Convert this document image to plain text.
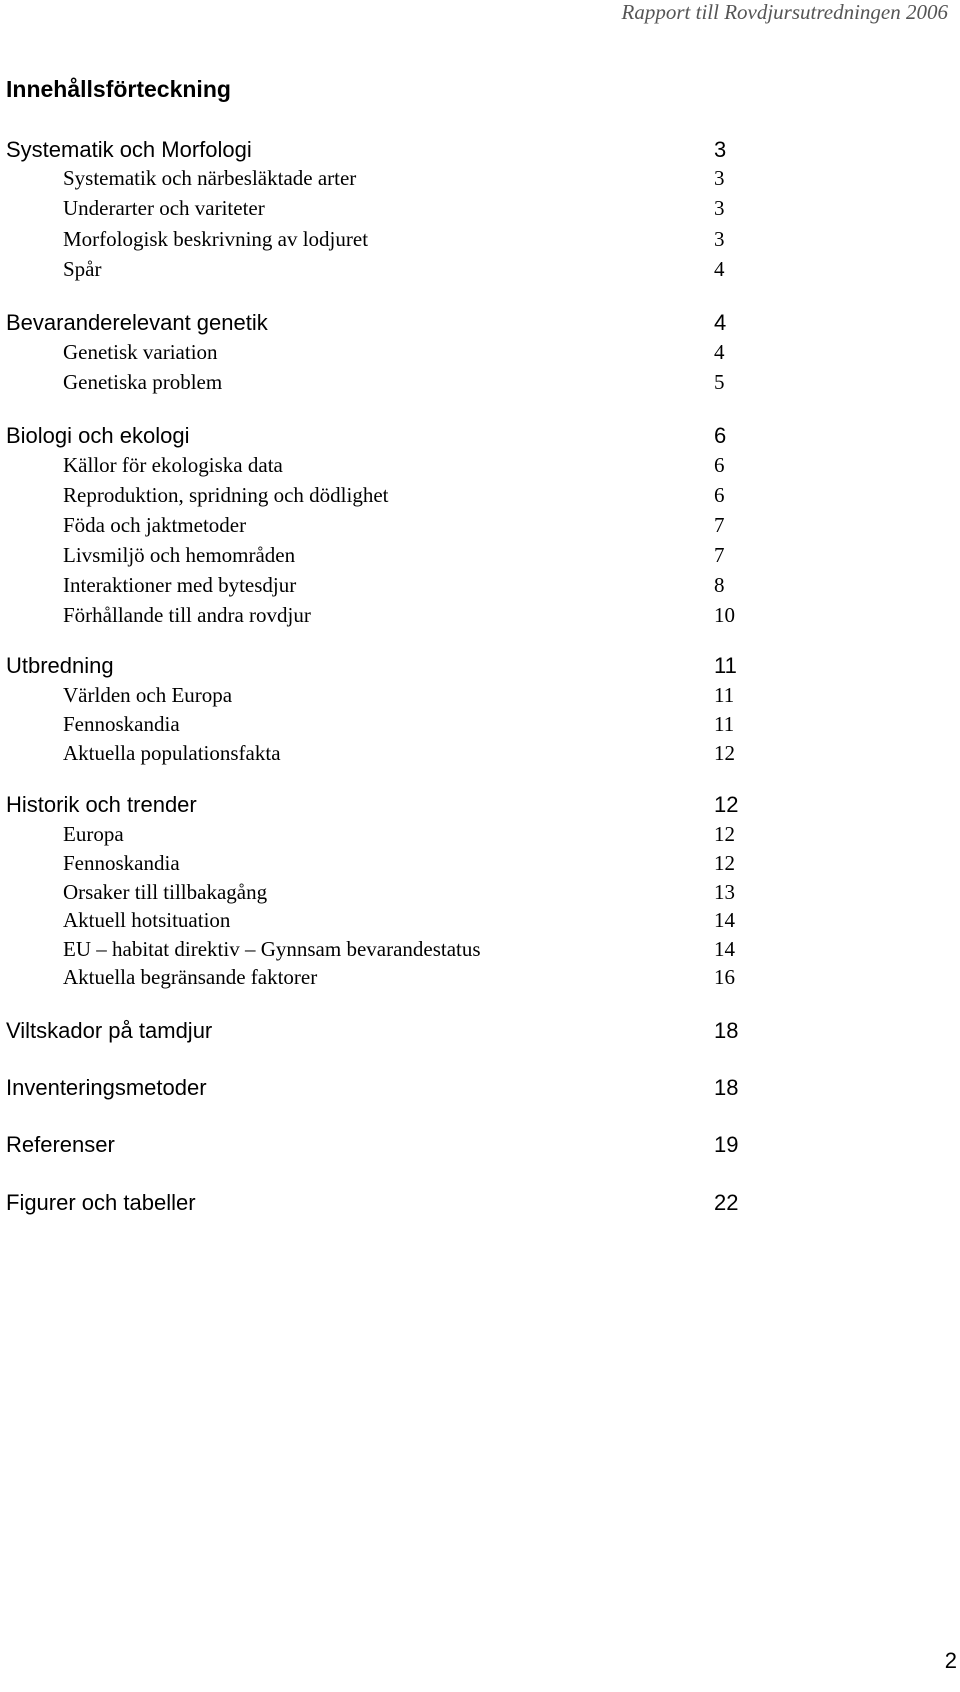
Rapport till Rovdjursutredningen 2006
Innehållsförteckning
Systematik och Morfologi	3
Systematik och närbesläktade arter	3
Underarter och variteter	3
Morfologisk beskrivning av lodjuret	3
Spår	4
Bevaranderelevant genetik	4
Genetisk variation	4
Genetiska problem	5
Biologi och ekologi	6
Källor för ekologiska data	6
Reproduktion, spridning och dödlighet	6
Föda och jaktmetoder	7
Livsmiljö och hemområden	7
Interaktioner med bytesdjur	8
Förhållande till andra rovdjur	10
Utbredning	11
Världen och Europa	11
Fennoskandia	11
Aktuella populationsfakta	12
Historik och trender	12
Europa	12
Fennoskandia	12
Orsaker till tillbakagång	13
Aktuell hotsituation	14
EU – habitat direktiv – Gynnsam bevarandestatus	14
Aktuella begränsande faktorer	16
Viltskador på tamdjur	18
Inventeringsmetoder	18
Referenser	19
Figurer och tabeller	22
2
